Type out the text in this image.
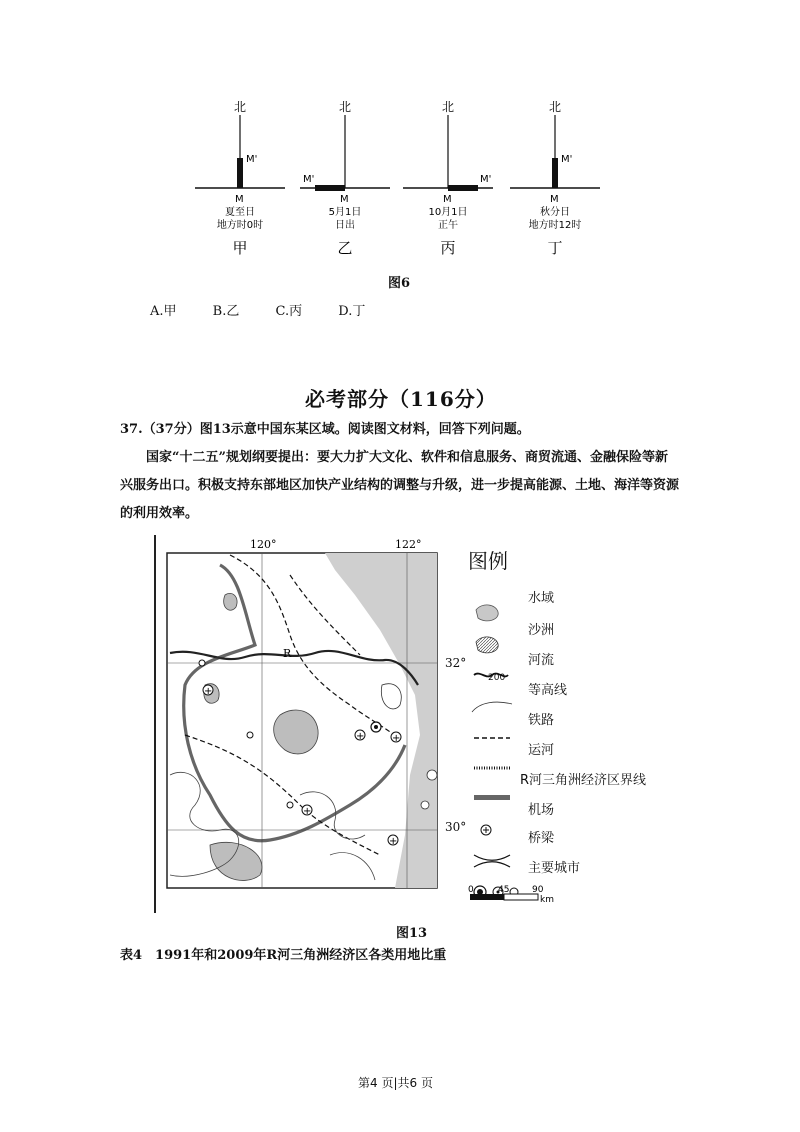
北
M'
M
夏至日
地方时0时
甲
北
M'
M
5月1日
日出
乙
北
M'
M
10月1日
正午
丙
北
M'
M
秋分日
地方时12时
丁
图6
A.甲	B.乙	C.丙	D.丁
必考部分（116分）
37.（37分）图13示意中国东某区域。阅读图文材料，回答下列问题。
国家“十二五”规划纲要提出：要大力扩大文化、软件和信息服务、商贸流通、金融保险等新兴服务出口。积极支持东部地区加快产业结构的调整与升级，进一步提高能源、土地、海洋等资源的利用效率。
+
+	+
+
+
R
120°	122°
32°
30°
图例
水域
沙洲
河流
200
等高线
铁路
运河
R河三角洲经济区界线
机场
桥梁
主要城市
0	45	90
km
图13
表4　1991年和2009年R河三角洲经济区各类用地比重
第4 页|共6 页
